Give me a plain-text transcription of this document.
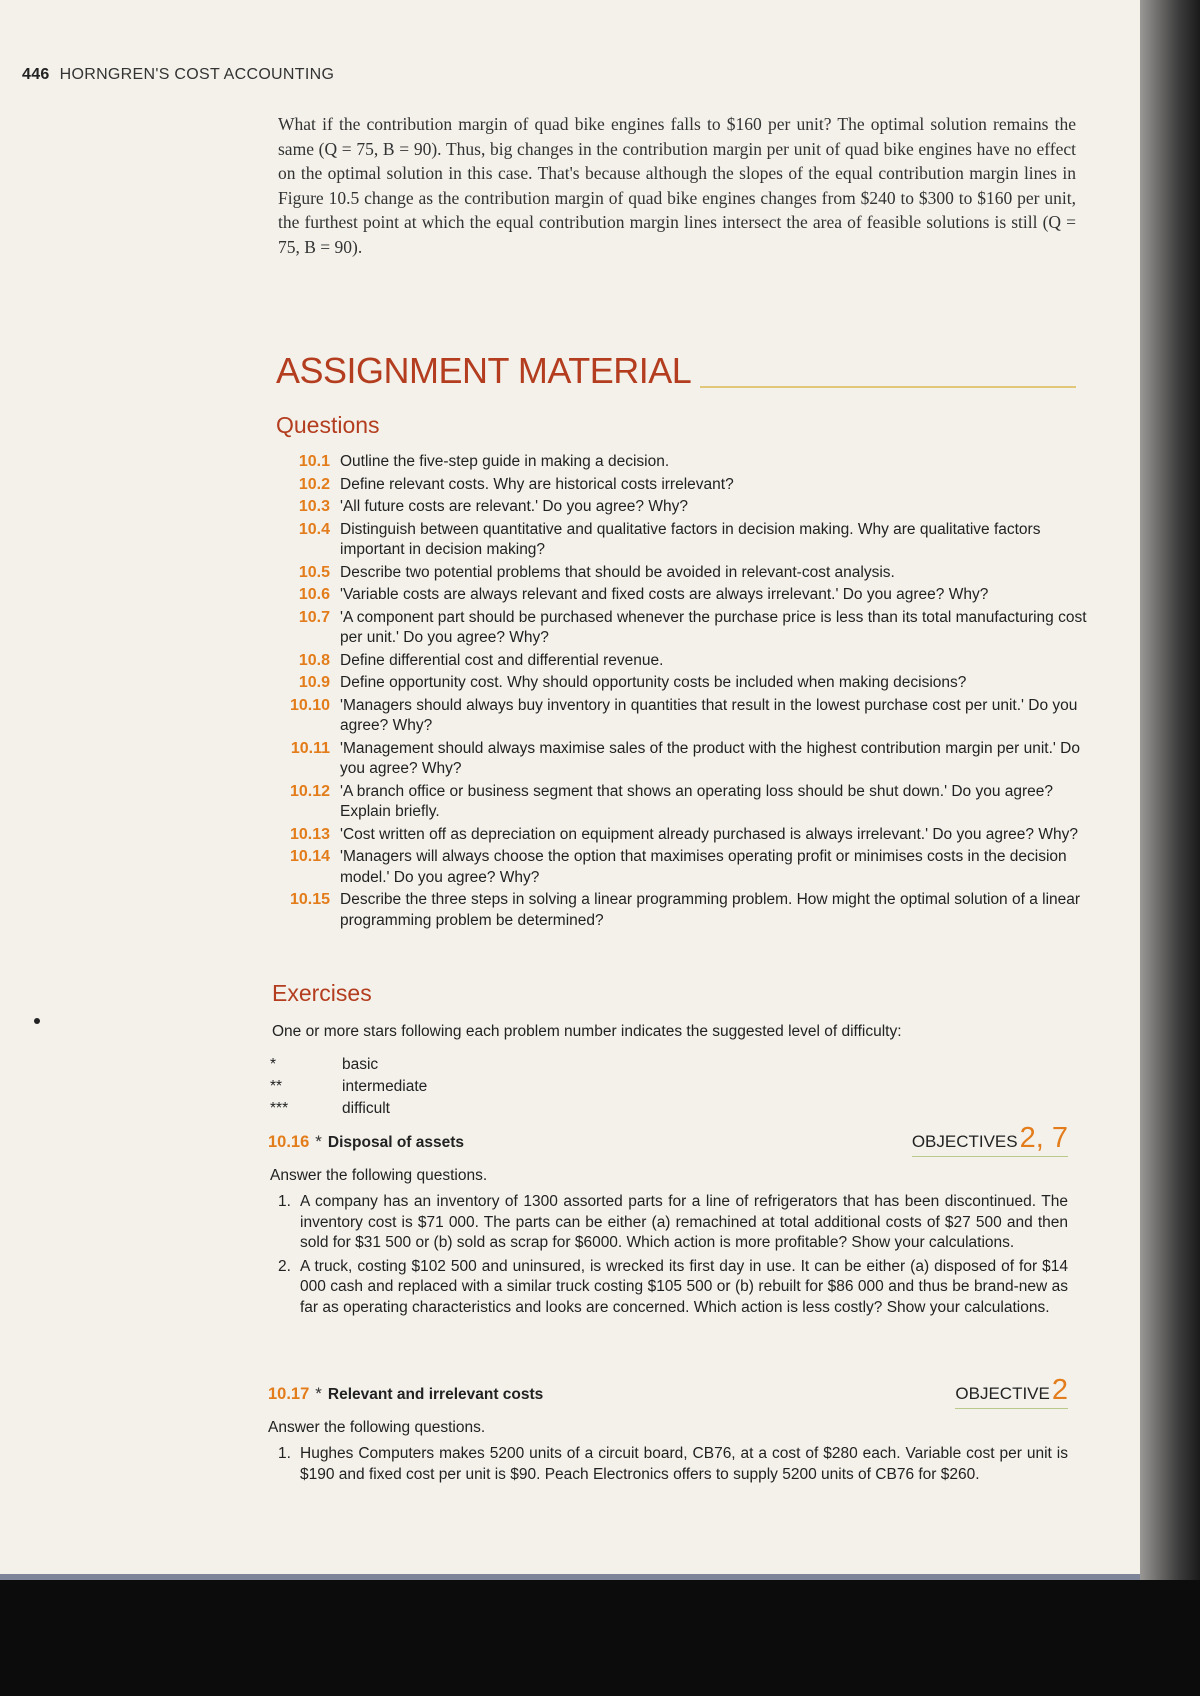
446 HORNGREN'S COST ACCOUNTING

What if the contribution margin of quad bike engines falls to $160 per unit? The optimal solution remains the same (Q = 75, B = 90). Thus, big changes in the contribution margin per unit of quad bike engines have no effect on the optimal solution in this case. That's because although the slopes of the equal contribution margin lines in Figure 10.5 change as the contribution margin of quad bike engines changes from $240 to $300 to $160 per unit, the furthest point at which the equal contribution margin lines intersect the area of feasible solutions is still (Q = 75, B = 90).

ASSIGNMENT MATERIAL
Questions
10.1 Outline the five-step guide in making a decision.
10.2 Define relevant costs. Why are historical costs irrelevant?
10.3 'All future costs are relevant.' Do you agree? Why?
10.4 Distinguish between quantitative and qualitative factors in decision making. Why are qualitative factors important in decision making?
10.5 Describe two potential problems that should be avoided in relevant-cost analysis.
10.6 'Variable costs are always relevant and fixed costs are always irrelevant.' Do you agree? Why?
10.7 'A component part should be purchased whenever the purchase price is less than its total manufacturing cost per unit.' Do you agree? Why?
10.8 Define differential cost and differential revenue.
10.9 Define opportunity cost. Why should opportunity costs be included when making decisions?
10.10 'Managers should always buy inventory in quantities that result in the lowest purchase cost per unit.' Do you agree? Why?
10.11 'Management should always maximise sales of the product with the highest contribution margin per unit.' Do you agree? Why?
10.12 'A branch office or business segment that shows an operating loss should be shut down.' Do you agree? Explain briefly.
10.13 'Cost written off as depreciation on equipment already purchased is always irrelevant.' Do you agree? Why?
10.14 'Managers will always choose the option that maximises operating profit or minimises costs in the decision model.' Do you agree? Why?
10.15 Describe the three steps in solving a linear programming problem. How might the optimal solution of a linear programming problem be determined?
Exercises

One or more stars following each problem number indicates the suggested level of difficulty:

*	basic
**	intermediate
***	difficult
10.16 * Disposal of assets	OBJECTIVES2, 7

Answer the following questions.

1. A company has an inventory of 1300 assorted parts for a line of refrigerators that has been discontinued. The inventory cost is $71 000. The parts can be either (a) remachined at total additional costs of $27 500 and then sold for $31 500 or (b) sold as scrap for $6000. Which action is more profitable? Show your calculations.
2. A truck, costing $102 500 and uninsured, is wrecked its first day in use. It can be either (a) disposed of for $14 000 cash and replaced with a similar truck costing $105 500 or (b) rebuilt for $86 000 and thus be brand-new as far as operating characteristics and looks are concerned. Which action is less costly? Show your calculations.
10.17 * Relevant and irrelevant costs	OBJECTIVE2

Answer the following questions.

1. Hughes Computers makes 5200 units of a circuit board, CB76, at a cost of $280 each. Variable cost per unit is $190 and fixed cost per unit is $90. Peach Electronics offers to supply 5200 units of CB76 for $260.
